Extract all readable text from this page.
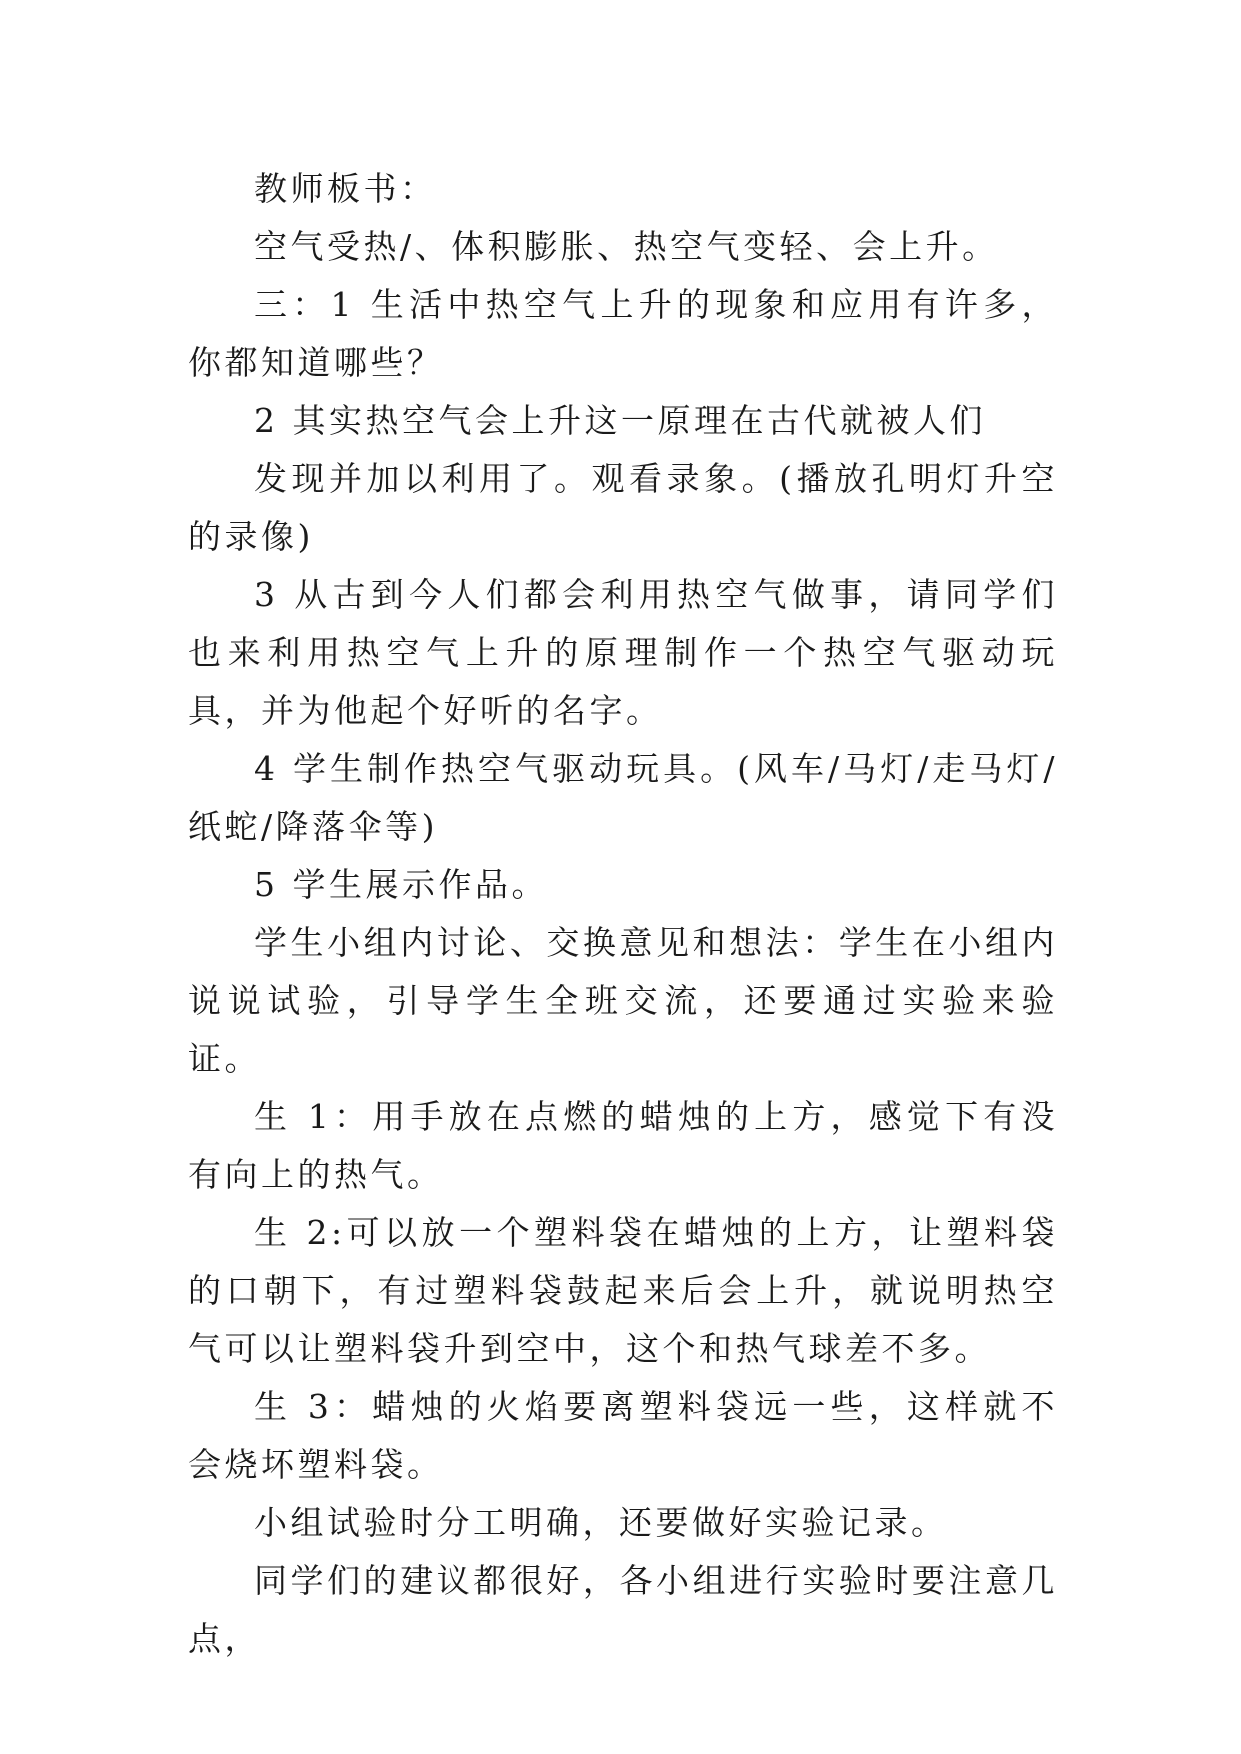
教师板书：

空气受热/、体积膨胀、热空气变轻、会上升。

三：1 生活中热空气上升的现象和应用有许多，你都知道哪些？

2 其实热空气会上升这一原理在古代就被人们

发现并加以利用了。观看录象。(播放孔明灯升空的录像)

3 从古到今人们都会利用热空气做事，请同学们也来利用热空气上升的原理制作一个热空气驱动玩具，并为他起个好听的名字。

4 学生制作热空气驱动玩具。(风车/马灯/走马灯/纸蛇/降落伞等)

5 学生展示作品。

学生小组内讨论、交换意见和想法：学生在小组内说说试验，引导学生全班交流，还要通过实验来验证。

生 1：用手放在点燃的蜡烛的上方，感觉下有没有向上的热气。

生 2:可以放一个塑料袋在蜡烛的上方，让塑料袋的口朝下，有过塑料袋鼓起来后会上升，就说明热空气可以让塑料袋升到空中，这个和热气球差不多。

生 3：蜡烛的火焰要离塑料袋远一些，这样就不会烧坏塑料袋。

小组试验时分工明确，还要做好实验记录。

同学们的建议都很好，各小组进行实验时要注意几点，
